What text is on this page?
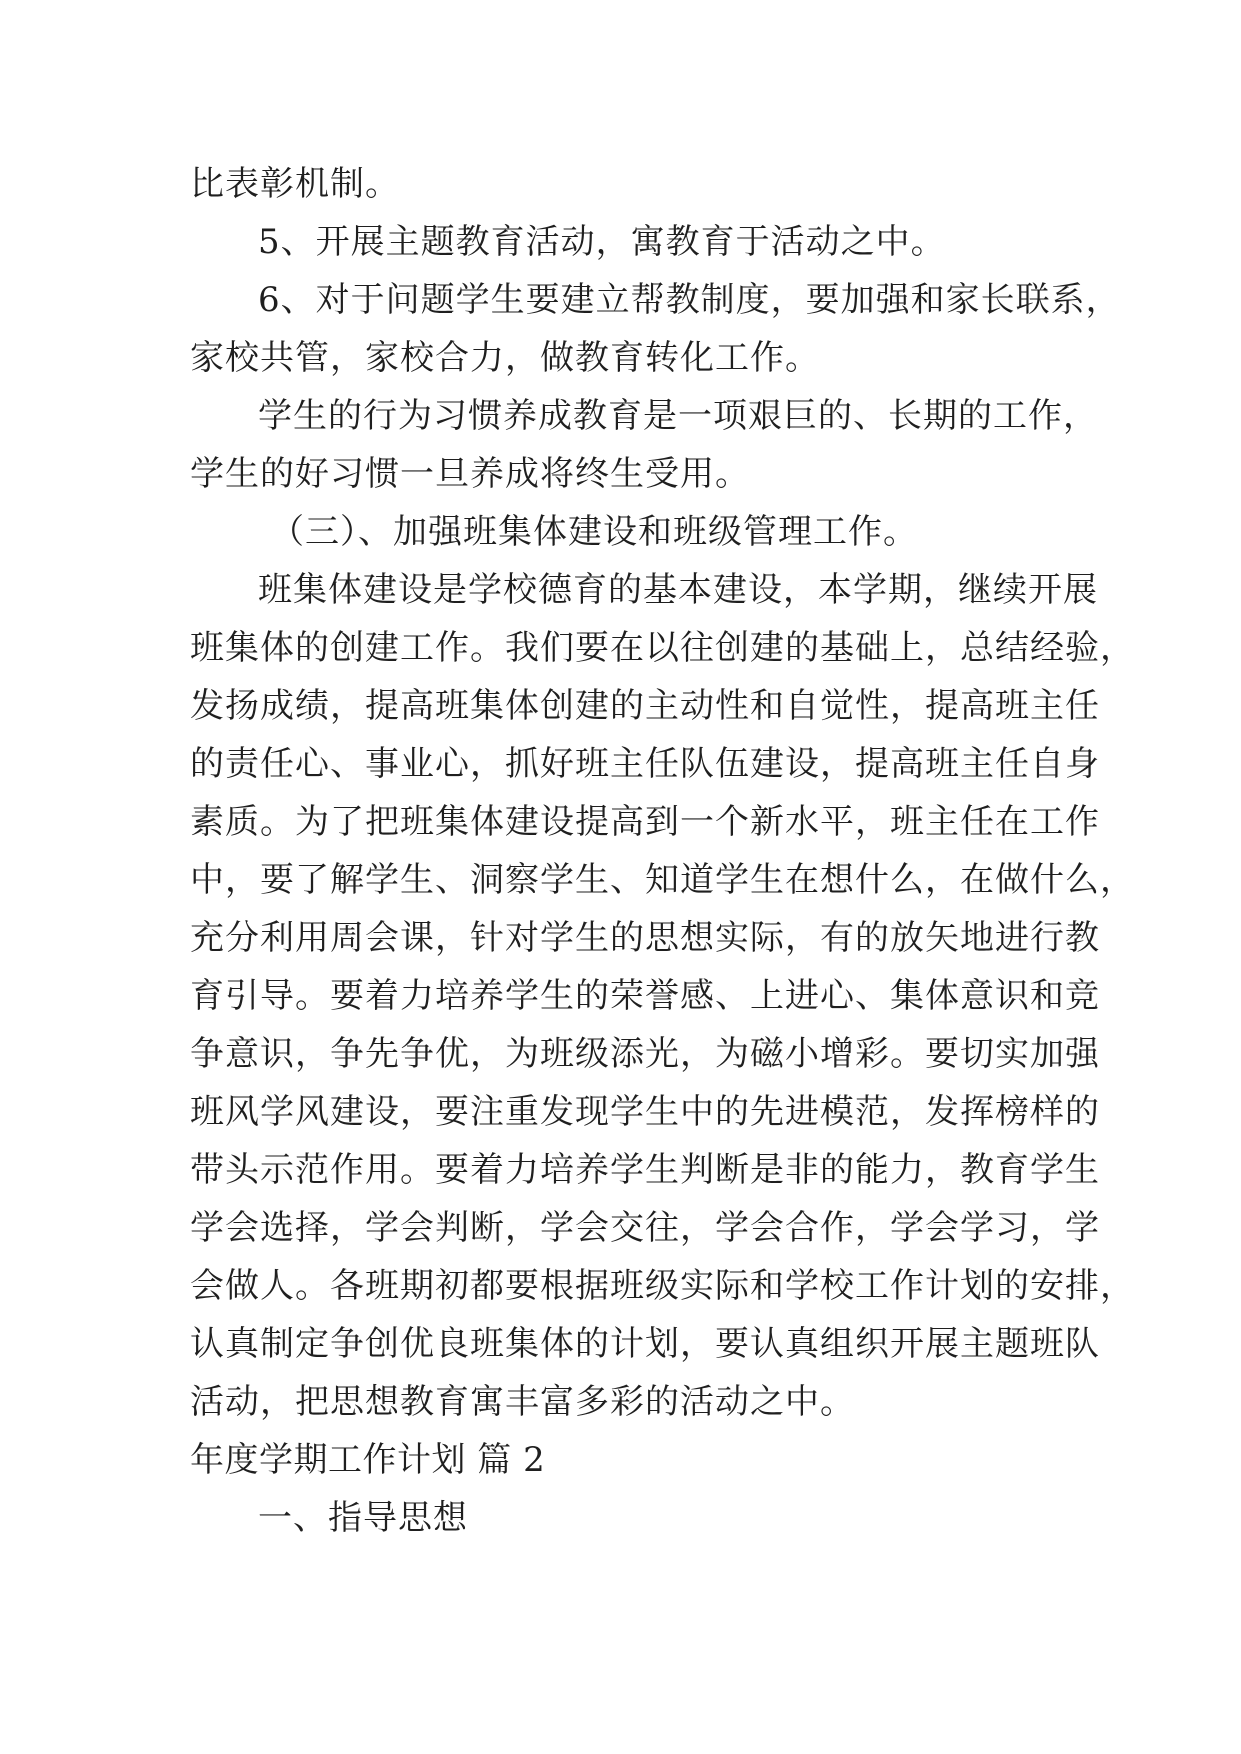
比表彰机制。
5、开展主题教育活动，寓教育于活动之中。
6、对于问题学生要建立帮教制度，要加强和家长联系，
家校共管，家校合力，做教育转化工作。
学生的行为习惯养成教育是一项艰巨的、长期的工作，
学生的好习惯一旦养成将终生受用。
（三）、加强班集体建设和班级管理工作。
班集体建设是学校德育的基本建设，本学期，继续开展
班集体的创建工作。我们要在以往创建的基础上，总结经验，
发扬成绩，提高班集体创建的主动性和自觉性，提高班主任
的责任心、事业心，抓好班主任队伍建设，提高班主任自身
素质。为了把班集体建设提高到一个新水平，班主任在工作
中，要了解学生、洞察学生、知道学生在想什么，在做什么，
充分利用周会课，针对学生的思想实际，有的放矢地进行教
育引导。要着力培养学生的荣誉感、上进心、集体意识和竞
争意识，争先争优，为班级添光，为磁小增彩。要切实加强
班风学风建设，要注重发现学生中的先进模范，发挥榜样的
带头示范作用。要着力培养学生判断是非的能力，教育学生
学会选择，学会判断，学会交往，学会合作，学会学习，学
会做人。各班期初都要根据班级实际和学校工作计划的安排，
认真制定争创优良班集体的计划，要认真组织开展主题班队
活动，把思想教育寓丰富多彩的活动之中。
年度学期工作计划 篇 2
一、指导思想
